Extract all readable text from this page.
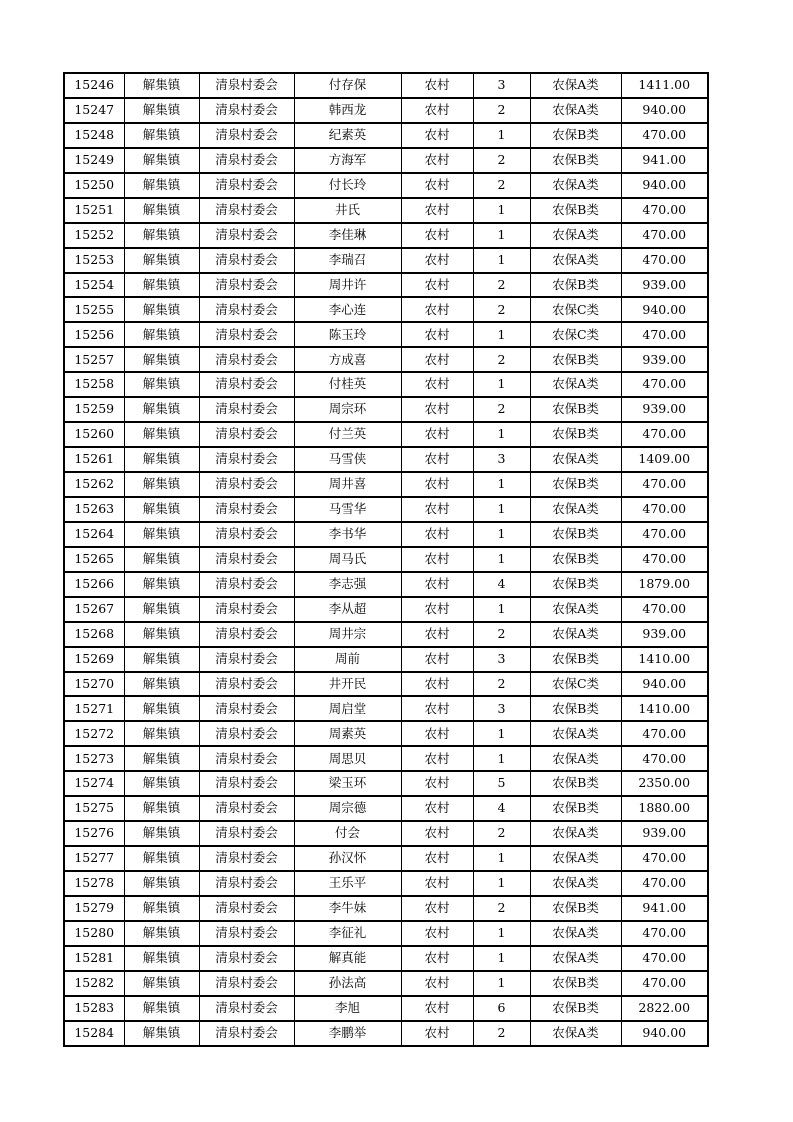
15246	解集镇	清泉村委会	付存保	农村	3	农保A类	1411.00
15247	解集镇	清泉村委会	韩西龙	农村	2	农保A类	940.00
15248	解集镇	清泉村委会	纪素英	农村	1	农保B类	470.00
15249	解集镇	清泉村委会	方海军	农村	2	农保B类	941.00
15250	解集镇	清泉村委会	付长玲	农村	2	农保A类	940.00
15251	解集镇	清泉村委会	井氏	农村	1	农保B类	470.00
15252	解集镇	清泉村委会	李佳琳	农村	1	农保A类	470.00
15253	解集镇	清泉村委会	李瑞召	农村	1	农保A类	470.00
15254	解集镇	清泉村委会	周井许	农村	2	农保B类	939.00
15255	解集镇	清泉村委会	李心连	农村	2	农保C类	940.00
15256	解集镇	清泉村委会	陈玉玲	农村	1	农保C类	470.00
15257	解集镇	清泉村委会	方成喜	农村	2	农保B类	939.00
15258	解集镇	清泉村委会	付桂英	农村	1	农保A类	470.00
15259	解集镇	清泉村委会	周宗环	农村	2	农保B类	939.00
15260	解集镇	清泉村委会	付兰英	农村	1	农保B类	470.00
15261	解集镇	清泉村委会	马雪侠	农村	3	农保A类	1409.00
15262	解集镇	清泉村委会	周井喜	农村	1	农保B类	470.00
15263	解集镇	清泉村委会	马雪华	农村	1	农保A类	470.00
15264	解集镇	清泉村委会	李书华	农村	1	农保B类	470.00
15265	解集镇	清泉村委会	周马氏	农村	1	农保B类	470.00
15266	解集镇	清泉村委会	李志强	农村	4	农保B类	1879.00
15267	解集镇	清泉村委会	李从超	农村	1	农保A类	470.00
15268	解集镇	清泉村委会	周井宗	农村	2	农保A类	939.00
15269	解集镇	清泉村委会	周前	农村	3	农保B类	1410.00
15270	解集镇	清泉村委会	井开民	农村	2	农保C类	940.00
15271	解集镇	清泉村委会	周启堂	农村	3	农保B类	1410.00
15272	解集镇	清泉村委会	周素英	农村	1	农保A类	470.00
15273	解集镇	清泉村委会	周思贝	农村	1	农保A类	470.00
15274	解集镇	清泉村委会	梁玉环	农村	5	农保B类	2350.00
15275	解集镇	清泉村委会	周宗德	农村	4	农保B类	1880.00
15276	解集镇	清泉村委会	付会	农村	2	农保A类	939.00
15277	解集镇	清泉村委会	孙汉怀	农村	1	农保A类	470.00
15278	解集镇	清泉村委会	王乐平	农村	1	农保A类	470.00
15279	解集镇	清泉村委会	李牛妹	农村	2	农保B类	941.00
15280	解集镇	清泉村委会	李征礼	农村	1	农保A类	470.00
15281	解集镇	清泉村委会	解真能	农村	1	农保A类	470.00
15282	解集镇	清泉村委会	孙法高	农村	1	农保B类	470.00
15283	解集镇	清泉村委会	李旭	农村	6	农保B类	2822.00
15284	解集镇	清泉村委会	李鹏举	农村	2	农保A类	940.00
